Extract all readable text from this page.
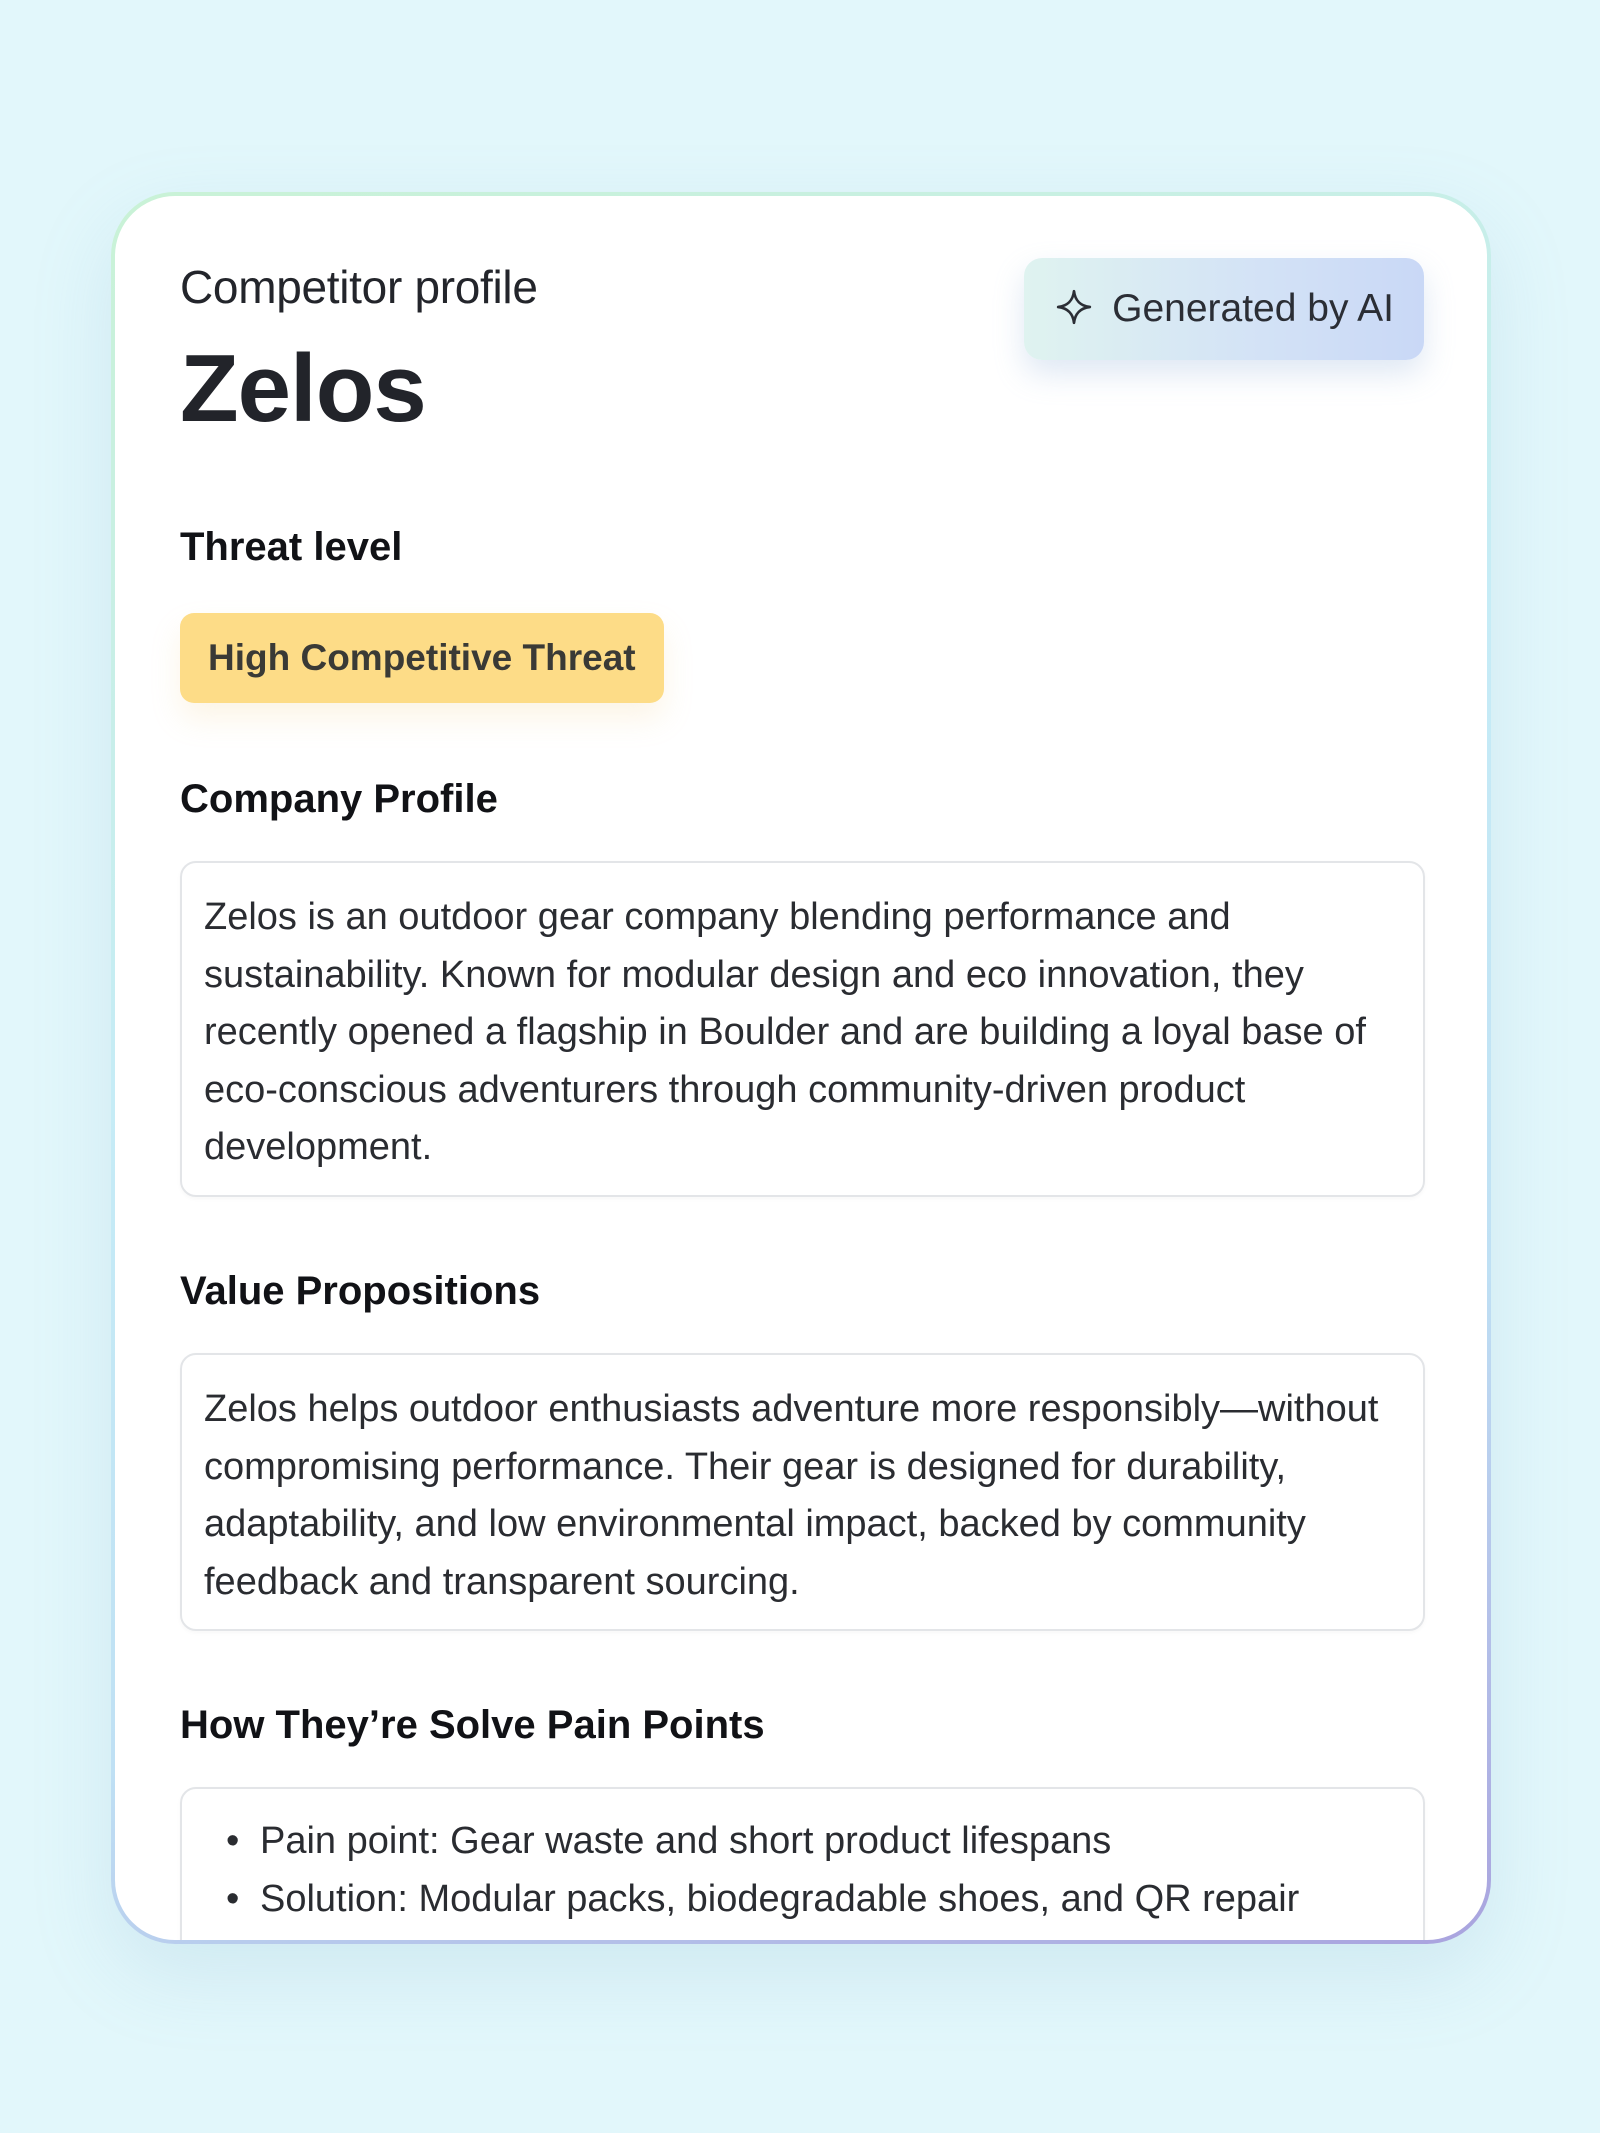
Competitor profile	Generated by AI
Zelos
Threat level
High Competitive Threat
Company Profile

Zelos is an outdoor gear company blending performance and sustainability. Known for modular design and eco innovation, they recently opened a flagship in Boulder and are building a loyal base of eco-conscious adventurers through community-driven product development.

Value Propositions

Zelos helps outdoor enthusiasts adventure more responsibly—without compromising performance. Their gear is designed for durability, adaptability, and low environmental impact, backed by community feedback and transparent sourcing.

How They’re Solve Pain Points
• Pain point: Gear waste and short product lifespans
• Solution: Modular packs, biodegradable shoes, and QR repair
